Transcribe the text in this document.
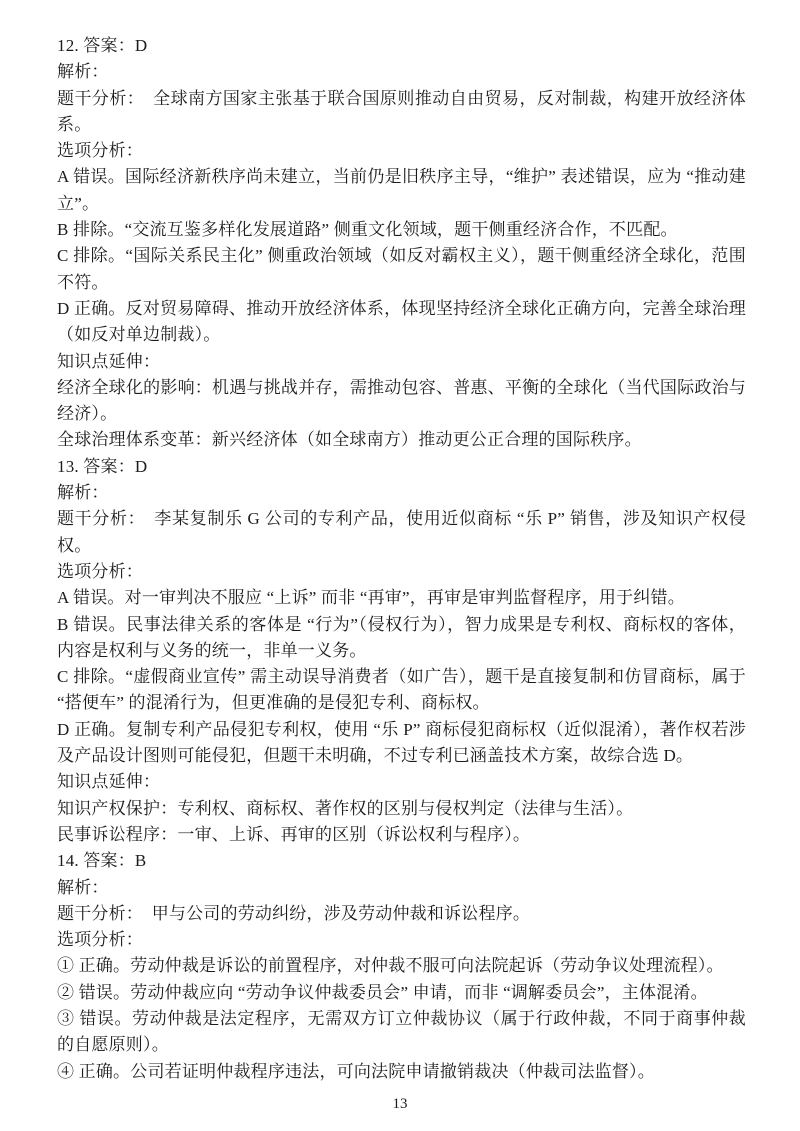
12. 答案：D

解析：

题干分析：　全球南方国家主张基于联合国原则推动自由贸易，反对制裁，构建开放经济体系。

选项分析：

A 错误。国际经济新秩序尚未建立，当前仍是旧秩序主导，“维护” 表述错误，应为 “推动建立”。

B 排除。“交流互鉴多样化发展道路” 侧重文化领域，题干侧重经济合作，不匹配。

C 排除。“国际关系民主化” 侧重政治领域（如反对霸权主义），题干侧重经济全球化，范围不符。

D 正确。反对贸易障碍、推动开放经济体系，体现坚持经济全球化正确方向，完善全球治理（如反对单边制裁）。

知识点延伸：

经济全球化的影响：机遇与挑战并存，需推动包容、普惠、平衡的全球化（当代国际政治与经济）。

全球治理体系变革：新兴经济体（如全球南方）推动更公正合理的国际秩序。

13. 答案：D

解析：

题干分析：　李某复制乐 G 公司的专利产品，使用近似商标 “乐 P” 销售，涉及知识产权侵权。

选项分析：

A 错误。对一审判决不服应 “上诉” 而非 “再审”，再审是审判监督程序，用于纠错。

B 错误。民事法律关系的客体是 “行为”（侵权行为），智力成果是专利权、商标权的客体，内容是权利与义务的统一，非单一义务。

C 排除。“虚假商业宣传” 需主动误导消费者（如广告），题干是直接复制和仿冒商标，属于 “搭便车” 的混淆行为，但更准确的是侵犯专利、商标权。

D 正确。复制专利产品侵犯专利权，使用 “乐 P” 商标侵犯商标权（近似混淆），著作权若涉及产品设计图则可能侵犯，但题干未明确，不过专利已涵盖技术方案，故综合选 D。

知识点延伸：

知识产权保护：专利权、商标权、著作权的区别与侵权判定（法律与生活）。

民事诉讼程序：一审、上诉、再审的区别（诉讼权利与程序）。

14. 答案：B

解析：

题干分析：　甲与公司的劳动纠纷，涉及劳动仲裁和诉讼程序。

选项分析：

① 正确。劳动仲裁是诉讼的前置程序，对仲裁不服可向法院起诉（劳动争议处理流程）。

② 错误。劳动仲裁应向 “劳动争议仲裁委员会” 申请，而非 “调解委员会”，主体混淆。

③ 错误。劳动仲裁是法定程序，无需双方订立仲裁协议（属于行政仲裁，不同于商事仲裁的自愿原则）。

④ 正确。公司若证明仲裁程序违法，可向法院申请撤销裁决（仲裁司法监督）。

13
